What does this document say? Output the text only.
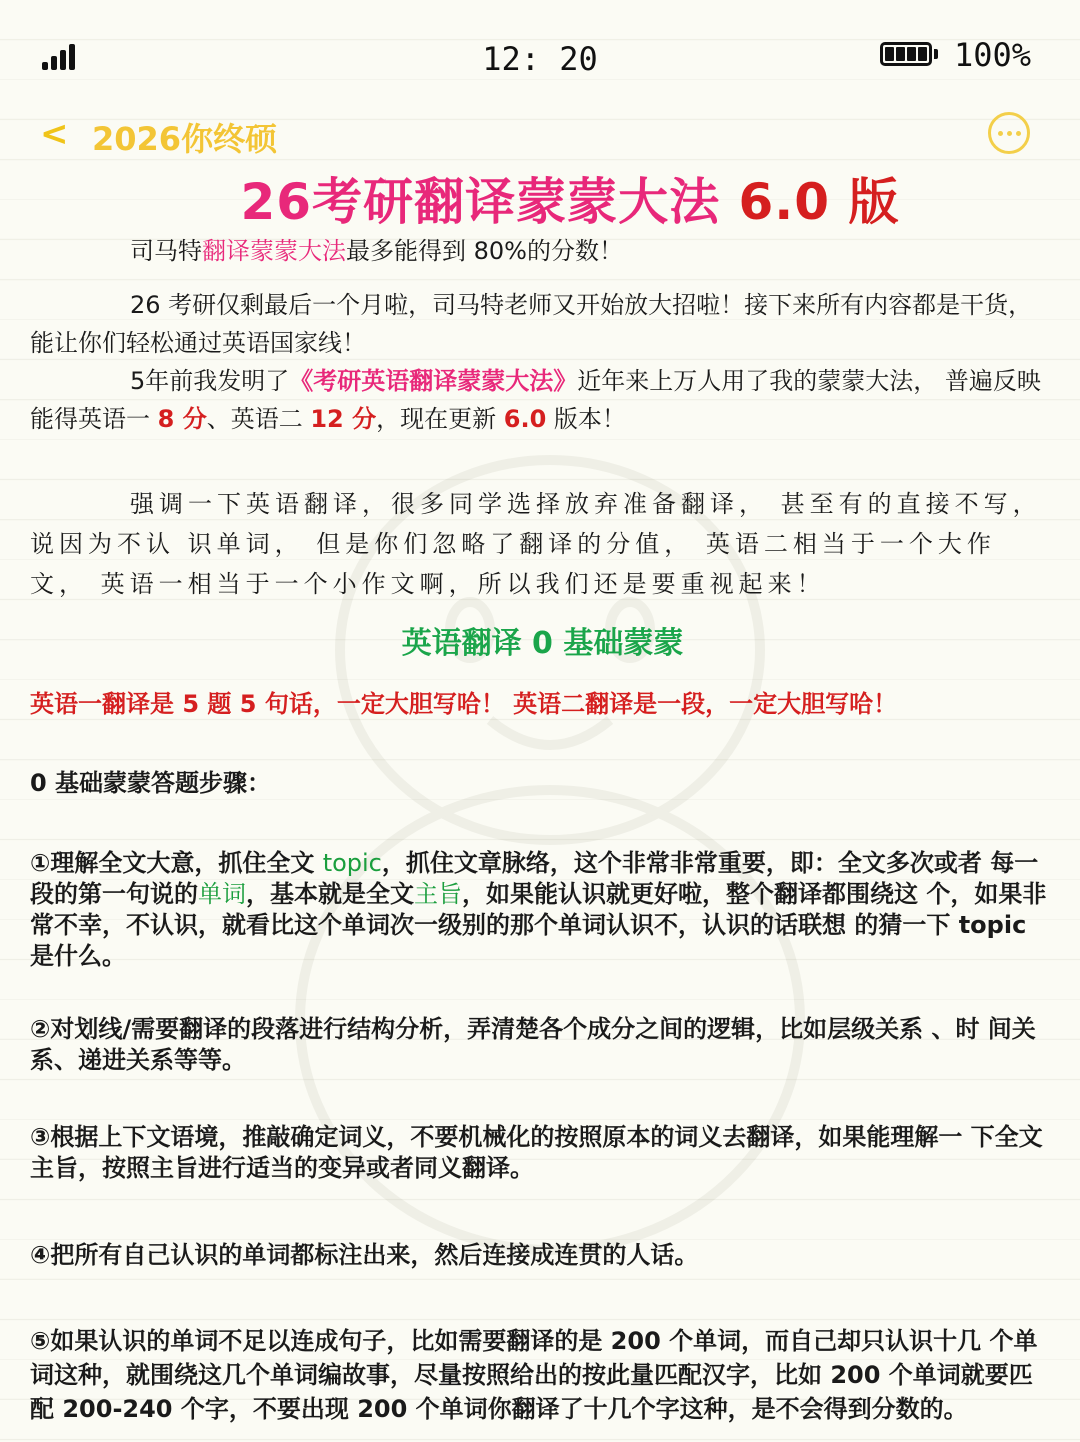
12: 20	100%
< 2026你终硕
26考研翻译蒙蒙大法 6.0 版
司马特翻译蒙蒙大法最多能得到 80%的分数！
26 考研仅剩最后一个月啦，司马特老师又开始放大招啦！接下来所有内容都是干货， 能让你们轻松通过英语国家线！
5年前我发明了《考研英语翻译蒙蒙大法》近年来上万人用了我的蒙蒙大法， 普遍反映能得英语一 8 分、英语二 12 分，现在更新 6.0 版本！
强调一下英语翻译，很多同学选择放弃准备翻译， 甚至有的直接不写， 说因为不认 识单词， 但是你们忽略了翻译的分值， 英语二相当于一个大作文， 英语一相当于一个小作文啊，所以我们还是要重视起来！
英语翻译 0 基础蒙蒙
英语一翻译是 5 题 5 句话，一定大胆写哈！ 英语二翻译是一段，一定大胆写哈！
0 基础蒙蒙答题步骤：
①理解全文大意，抓住全文 topic，抓住文章脉络，这个非常非常重要，即：全文多次或者 每一段的第一句说的单词，基本就是全文主旨，如果能认识就更好啦，整个翻译都围绕这 个，如果非常不幸，不认识，就看比这个单词次一级别的那个单词认识不，认识的话联想 的猜一下 topic 是什么。
②对划线/需要翻译的段落进行结构分析，弄清楚各个成分之间的逻辑，比如层级关系 、时 间关系、递进关系等等。
③根据上下文语境，推敲确定词义，不要机械化的按照原本的词义去翻译，如果能理解一 下全文主旨，按照主旨进行适当的变异或者同义翻译。
④把所有自己认识的单词都标注出来，然后连接成连贯的人话。
⑤如果认识的单词不足以连成句子，比如需要翻译的是 200 个单词，而自己却只认识十几 个单词这种，就围绕这几个单词编故事，尽量按照给出的按此量匹配汉字，比如 200 个单词就要匹配 200-240 个字，不要出现 200 个单词你翻译了十几个字这种，是不会得到分数的。
